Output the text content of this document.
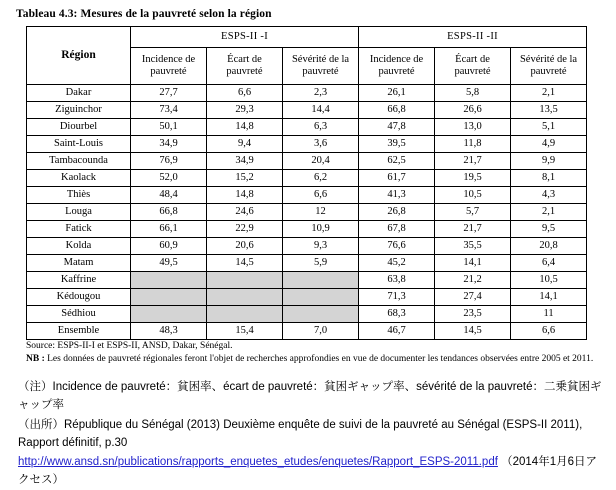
Tableau 4.3: Mesures de la pauvreté selon la région
Région	ESPS-II -I			ESPS-II -II		
	Incidence de pauvreté	Écart de pauvreté	Sévérité de la pauvreté	Incidence de pauvreté	Écart de pauvreté	Sévérité de la pauvreté
Dakar	27,7	6,6	2,3	26,1	5,8	2,1
Ziguinchor	73,4	29,3	14,4	66,8	26,6	13,5
Diourbel	50,1	14,8	6,3	47,8	13,0	5,1
Saint-Louis	34,9	9,4	3,6	39,5	11,8	4,9
Tambacounda	76,9	34,9	20,4	62,5	21,7	9,9
Kaolack	52,0	15,2	6,2	61,7	19,5	8,1
Thiès	48,4	14,8	6,6	41,3	10,5	4,3
Louga	66,8	24,6	12	26,8	5,7	2,1
Fatick	66,1	22,9	10,9	67,8	21,7	9,5
Kolda	60,9	20,6	9,3	76,6	35,5	20,8
Matam	49,5	14,5	5,9	45,2	14,1	6,4
Kaffrine				63,8	21,2	10,5
Kédougou				71,3	27,4	14,1
Sédhiou				68,3	23,5	11
Ensemble	48,3	15,4	7,0	46,7	14,5	6,6
Source: ESPS-II-I et ESPS-II, ANSD, Dakar, Sénégal.
NB : Les données de pauvreté régionales feront l'objet de recherches approfondies en vue de documenter les tendances observées entre 2005 et 2011.

（注）Incidence de pauvreté：貧困率、écart de pauvreté：貧困ギャップ率、sévérité de la pauvreté：二乗貧困ギャップ率

（出所）République du Sénégal (2013) Deuxième enquête de suivi de la pauvreté au Sénégal (ESPS-II 2011), Rapport définitif, p.30

http://www.ansd.sn/publications/rapports_enquetes_etudes/enquetes/Rapport_ESPS-2011.pdf （2014年1月6日アクセス）
